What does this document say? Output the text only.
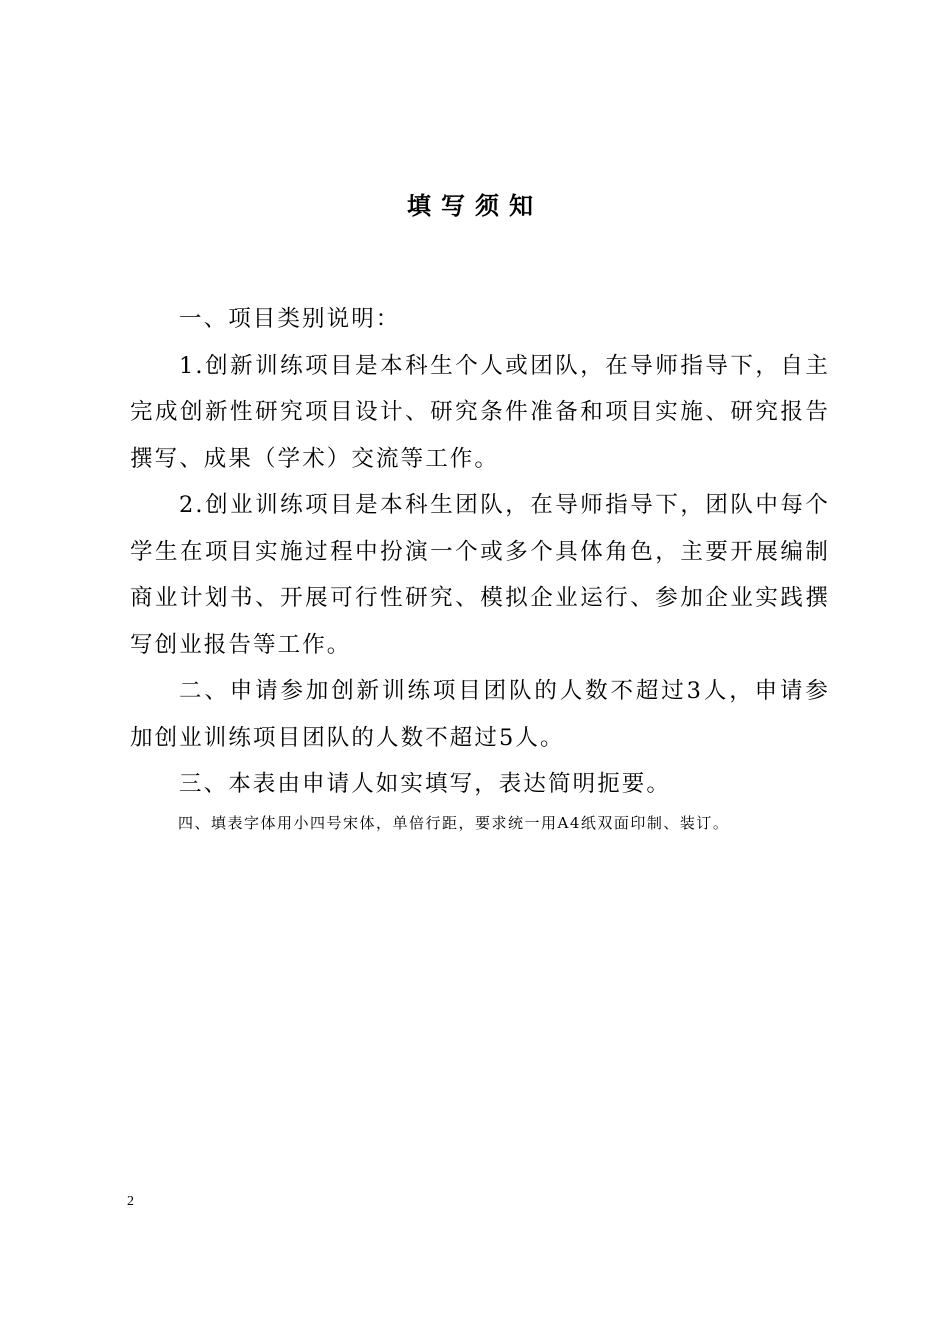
填写须知

一、项目类别说明：

1.创新训练项目是本科生个人或团队，在导师指导下，自主完成创新性研究项目设计、研究条件准备和项目实施、研究报告撰写、成果（学术）交流等工作。

2.创业训练项目是本科生团队，在导师指导下，团队中每个学生在项目实施过程中扮演一个或多个具体角色，主要开展编制商业计划书、开展可行性研究、模拟企业运行、参加企业实践撰写创业报告等工作。

二、申请参加创新训练项目团队的人数不超过3人，申请参加创业训练项目团队的人数不超过5人。

三、本表由申请人如实填写，表达简明扼要。

四、填表字体用小四号宋体，单倍行距，要求统一用A4纸双面印制、装订。
2
